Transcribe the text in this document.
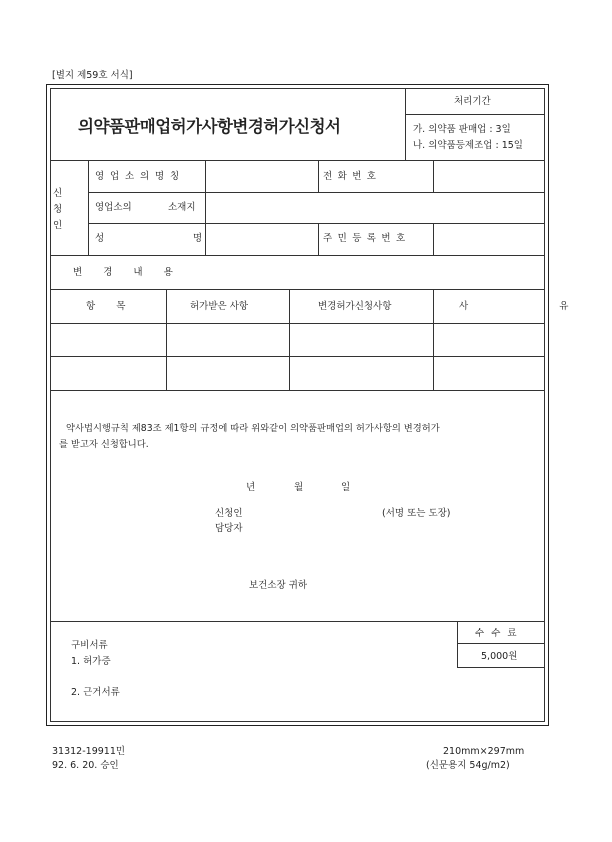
[별지 제59호 서식]
의약품판매업허가사항변경허가신청서
처리기간
가. 의약품 판매업 : 3일
나. 의약품등제조업 : 15일
신
청
인
영 업 소 의 명 칭	전 화 번 호
영업소의	소재지
성	명	주 민 등 록 번 호
변 경 내 용
항 목	허가받은 사항	변경허가신청사항	사 유
약사법시행규칙 제83조 제1항의 규정에 따라 위와같이 의약품판매업의 허가사항의 변경허가
를 받고자 신청합니다.
년	월	일
신청인	(서명 또는 도장)
담당자
보건소장 귀하
수 수 료
5,000원
구비서류
1. 허가증
2. 근거서류
31312-19911민
92. 6. 20. 승인
210mm×297mm
(신문용지 54g/m2)
